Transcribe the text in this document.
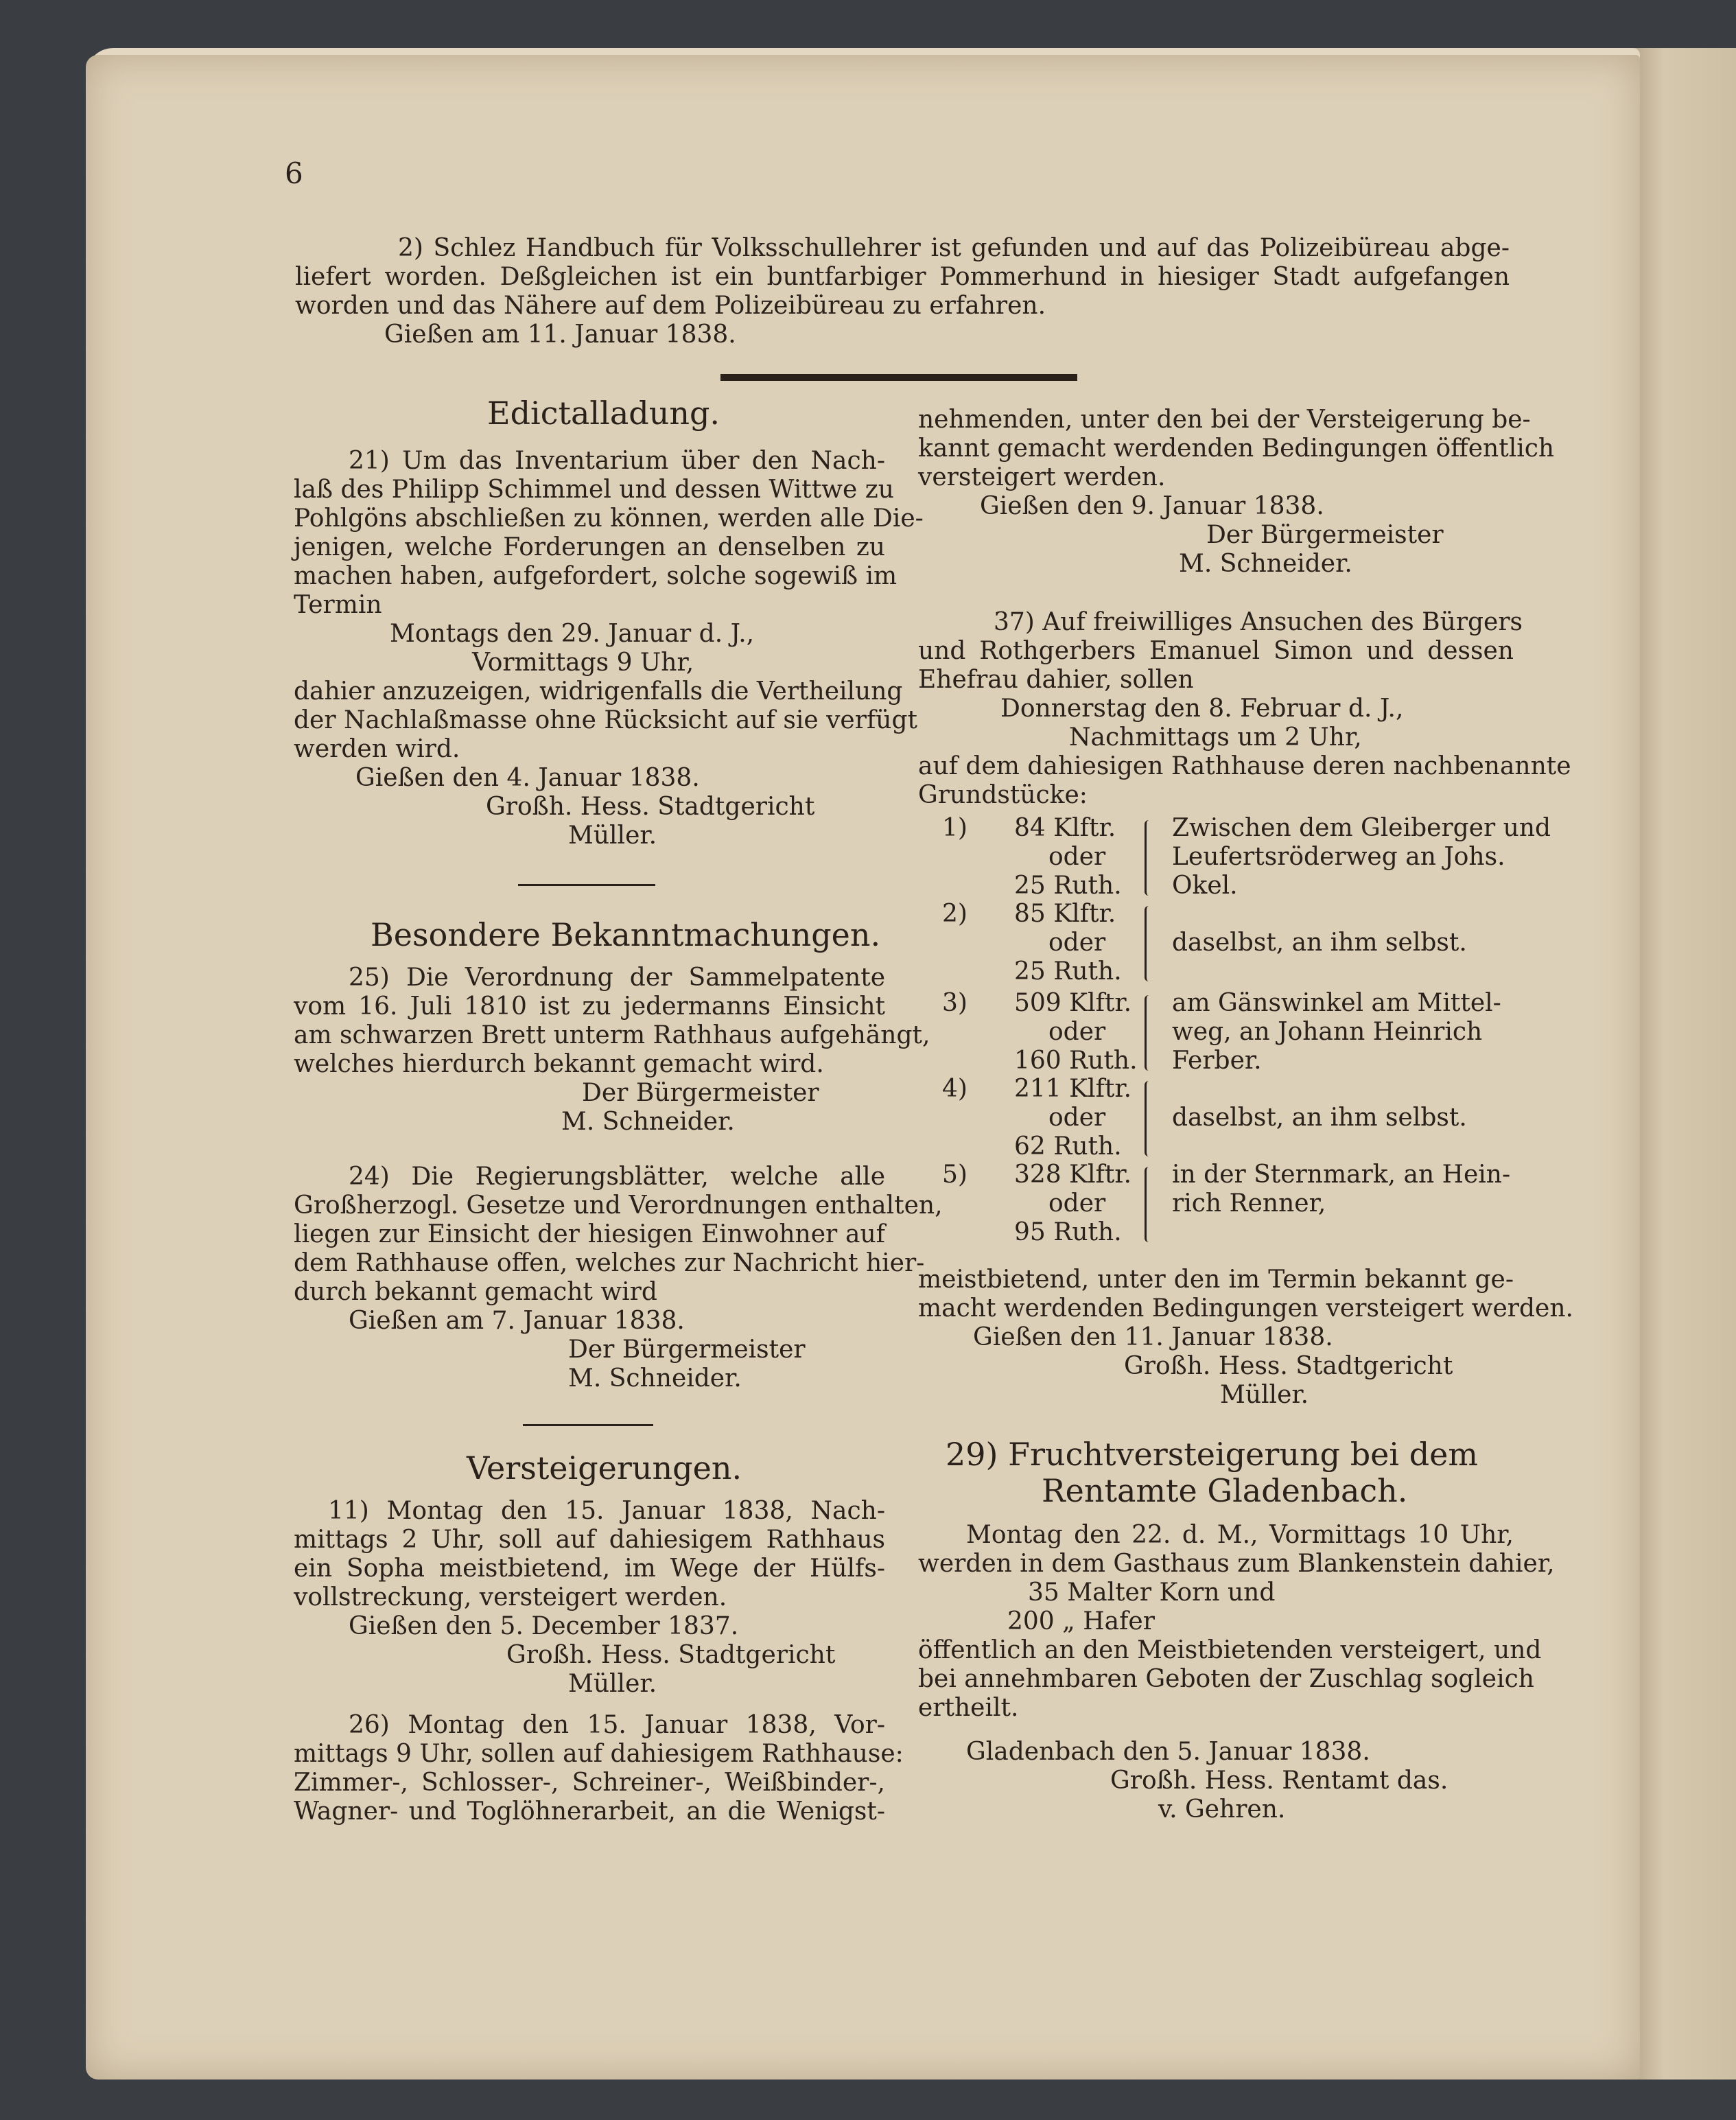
6
2) Schlez Handbuch für Volksschullehrer ist gefunden und auf das Polizeibüreau abge-
liefert worden. Deßgleichen ist ein buntfarbiger Pommerhund in hiesiger Stadt aufgefangen
worden und das Nähere auf dem Polizeibüreau zu erfahren.
Gießen am 11. Januar 1838.
Edictalladung.
21) Um das Inventarium über den Nach-
laß des Philipp Schimmel und dessen Wittwe zu
Pohlgöns abschließen zu können, werden alle Die-
jenigen, welche Forderungen an denselben zu
machen haben, aufgefordert, solche sogewiß im
Termin
Montags den 29. Januar d. J.,
Vormittags 9 Uhr,
dahier anzuzeigen, widrigenfalls die Vertheilung
der Nachlaßmasse ohne Rücksicht auf sie verfügt
werden wird.
Gießen den 4. Januar 1838.
Großh. Hess. Stadtgericht
Müller.
Besondere Bekanntmachungen.
25) Die Verordnung der Sammelpatente
vom 16. Juli 1810 ist zu jedermanns Einsicht
am schwarzen Brett unterm Rathhaus aufgehängt,
welches hierdurch bekannt gemacht wird.
Der Bürgermeister
M. Schneider.
24) Die Regierungsblätter, welche alle
Großherzogl. Gesetze und Verordnungen enthalten,
liegen zur Einsicht der hiesigen Einwohner auf
dem Rathhause offen, welches zur Nachricht hier-
durch bekannt gemacht wird
Gießen am 7. Januar 1838.
Der Bürgermeister
M. Schneider.
Versteigerungen.
11) Montag den 15. Januar 1838, Nach-
mittags 2 Uhr, soll auf dahiesigem Rathhaus
ein Sopha meistbietend, im Wege der Hülfs-
vollstreckung, versteigert werden.
Gießen den 5. December 1837.
Großh. Hess. Stadtgericht
Müller.
26) Montag den 15. Januar 1838, Vor-
mittags 9 Uhr, sollen auf dahiesigem Rathhause:
Zimmer-, Schlosser-, Schreiner-, Weißbinder-,
Wagner- und Toglöhnerarbeit, an die Wenigst-
nehmenden, unter den bei der Versteigerung be-
kannt gemacht werdenden Bedingungen öffentlich
versteigert werden.
Gießen den 9. Januar 1838.
Der Bürgermeister
M. Schneider.
37) Auf freiwilliges Ansuchen des Bürgers
und Rothgerbers Emanuel Simon und dessen
Ehefrau dahier, sollen
Donnerstag den 8. Februar d. J.,
Nachmittags um 2 Uhr,
auf dem dahiesigen Rathhause deren nachbenannte
Grundstücke:
1) 84 Klftr.
oder
25 Ruth.
Zwischen dem Gleiberger und
Leufertsröderweg an Johs.
Okel.
2) 85 Klftr.
oder
25 Ruth.
daselbst, an ihm selbst.
3) 509 Klftr.
oder
160 Ruth.
am Gänswinkel am Mittel-
weg, an Johann Heinrich
Ferber.
4) 211 Klftr.
oder
62 Ruth.
daselbst, an ihm selbst.
5) 328 Klftr.
oder
95 Ruth.
in der Sternmark, an Hein-
rich Renner,
meistbietend, unter den im Termin bekannt ge-
macht werdenden Bedingungen versteigert werden.
Gießen den 11. Januar 1838.
Großh. Hess. Stadtgericht
Müller.
29) Fruchtversteigerung bei dem
Rentamte Gladenbach.
Montag den 22. d. M., Vormittags 10 Uhr,
werden in dem Gasthaus zum Blankenstein dahier,
35 Malter Korn und
200 „ Hafer
öffentlich an den Meistbietenden versteigert, und
bei annehmbaren Geboten der Zuschlag sogleich
ertheilt.
Gladenbach den 5. Januar 1838.
Großh. Hess. Rentamt das.
v. Gehren.
